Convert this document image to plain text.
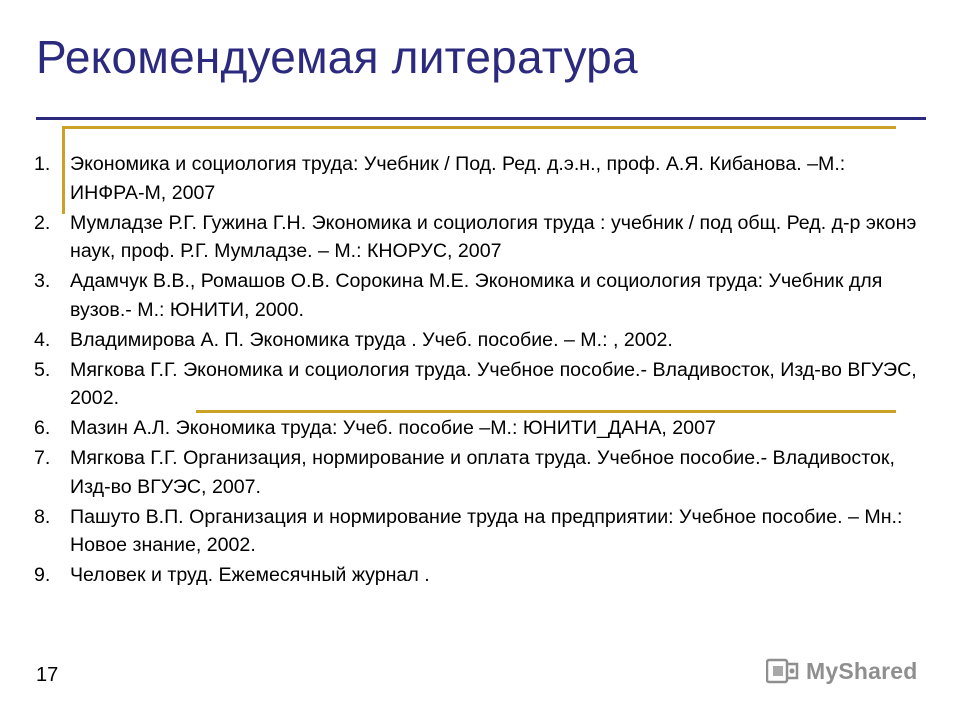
Рекомендуемая литература
1.	Экономика и социология труда: Учебник / Под. Ред. д.э.н., проф. А.Я. Кибанова. –М.: ИНФРА-М, 2007
2.	Мумладзе Р.Г. Гужина Г.Н. Экономика и социология труда : учебник / под общ. Ред. д-р эконэ наук, проф. Р.Г. Мумладзе. – М.: КНОРУС, 2007
3.	Адамчук В.В., Ромашов О.В. Сорокина М.Е. Экономика и социология труда: Учебник для вузов.- М.: ЮНИТИ, 2000.
4.	Владимирова А. П. Экономика труда . Учеб. пособие. – М.: , 2002.
5.	Мягкова Г.Г. Экономика и социология труда. Учебное пособие.- Владивосток, Изд-во ВГУЭС, 2002.
6.	Мазин А.Л. Экономика труда: Учеб. пособие –М.: ЮНИТИ_ДАНА, 2007
7.	Мягкова Г.Г. Организация, нормирование и оплата труда. Учебное пособие.- Владивосток, Изд-во ВГУЭС, 2007.
8.	Пашуто В.П. Организация и нормирование труда на предприятии: Учебное пособие. – Мн.: Новое знание, 2002.
9.	Человек и труд. Ежемесячный журнал .
17	MyShared
